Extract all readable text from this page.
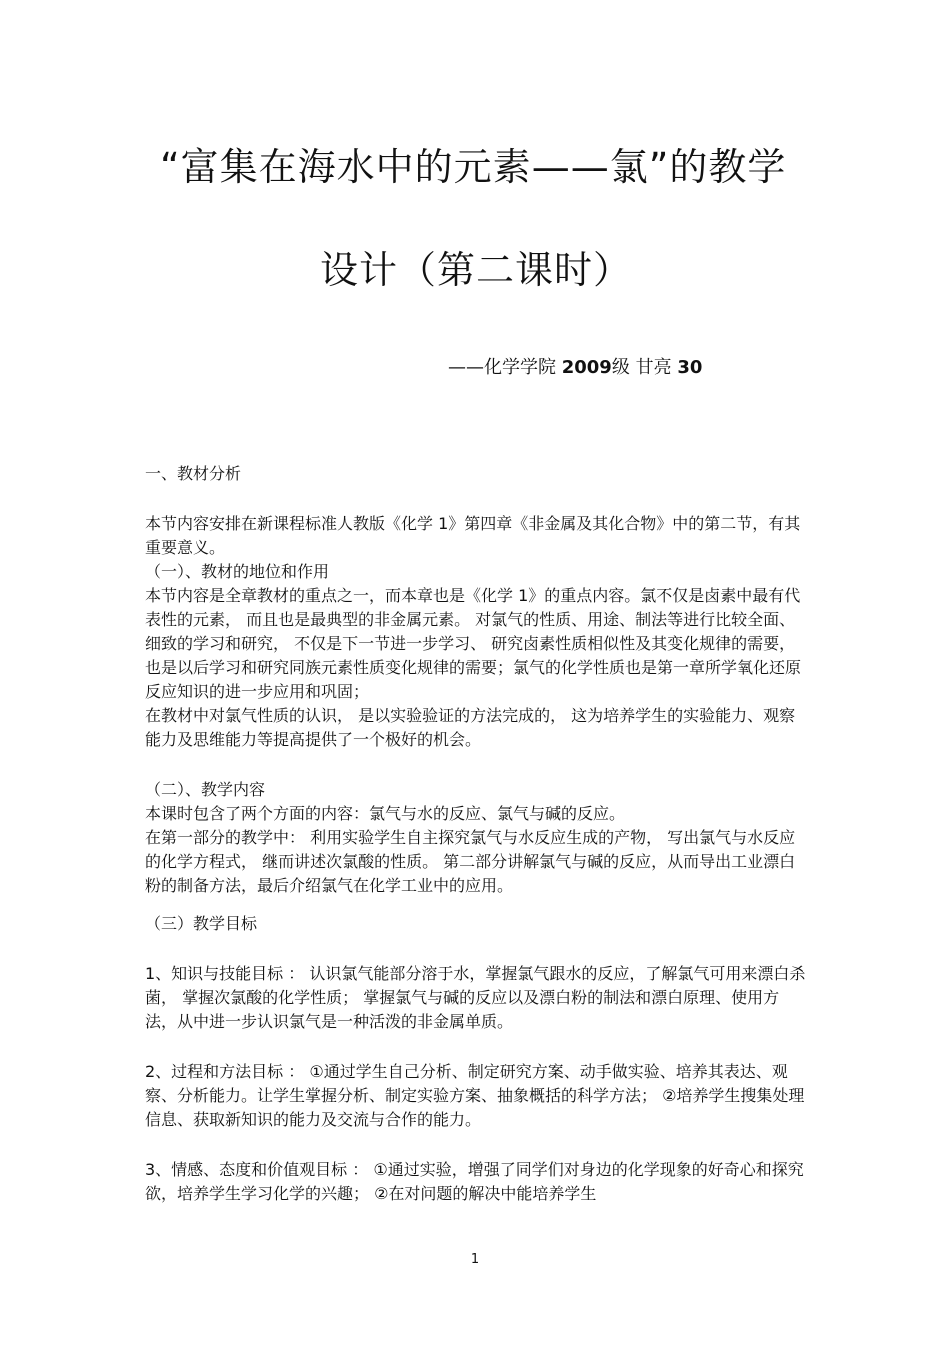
“富集在海水中的元素——氯”的教学
设计（第二课时）
——化学学院 2009级 甘亮 30

一、教材分析

本节内容安排在新课程标准人教版《化学 1》第四章《非金属及其化合物》中的第二节，有其重要意义。

（一）、教材的地位和作用

本节内容是全章教材的重点之一，而本章也是《化学 1》的重点内容。氯不仅是卤素中最有代表性的元素， 而且也是最典型的非金属元素。 对氯气的性质、用途、制法等进行比较全面、 细致的学习和研究， 不仅是下一节进一步学习、 研究卤素性质相似性及其变化规律的需要， 也是以后学习和研究同族元素性质变化规律的需要；氯气的化学性质也是第一章所学氧化还原反应知识的进一步应用和巩固；

在教材中对氯气性质的认识， 是以实验验证的方法完成的， 这为培养学生的实验能力、观察能力及思维能力等提高提供了一个极好的机会。

（二）、教学内容

本课时包含了两个方面的内容：氯气与水的反应、氯气与碱的反应。

在第一部分的教学中： 利用实验学生自主探究氯气与水反应生成的产物， 写出氯气与水反应的化学方程式， 继而讲述次氯酸的性质。 第二部分讲解氯气与碱的反应，从而导出工业漂白粉的制备方法，最后介绍氯气在化学工业中的应用。

（三）教学目标

1、知识与技能目标 ： 认识氯气能部分溶于水，掌握氯气跟水的反应，了解氯气可用来漂白杀菌， 掌握次氯酸的化学性质； 掌握氯气与碱的反应以及漂白粉的制法和漂白原理、使用方法，从中进一步认识氯气是一种活泼的非金属单质。

2、过程和方法目标 ： ①通过学生自己分析、制定研究方案、动手做实验、培养其表达、观察、分析能力。让学生掌握分析、制定实验方案、抽象概括的科学方法； ②培养学生搜集处理信息、获取新知识的能力及交流与合作的能力。

3、情感、态度和价值观目标 ： ①通过实验，增强了同学们对身边的化学现象的好奇心和探究欲，培养学生学习化学的兴趣； ②在对问题的解决中能培养学生

1
